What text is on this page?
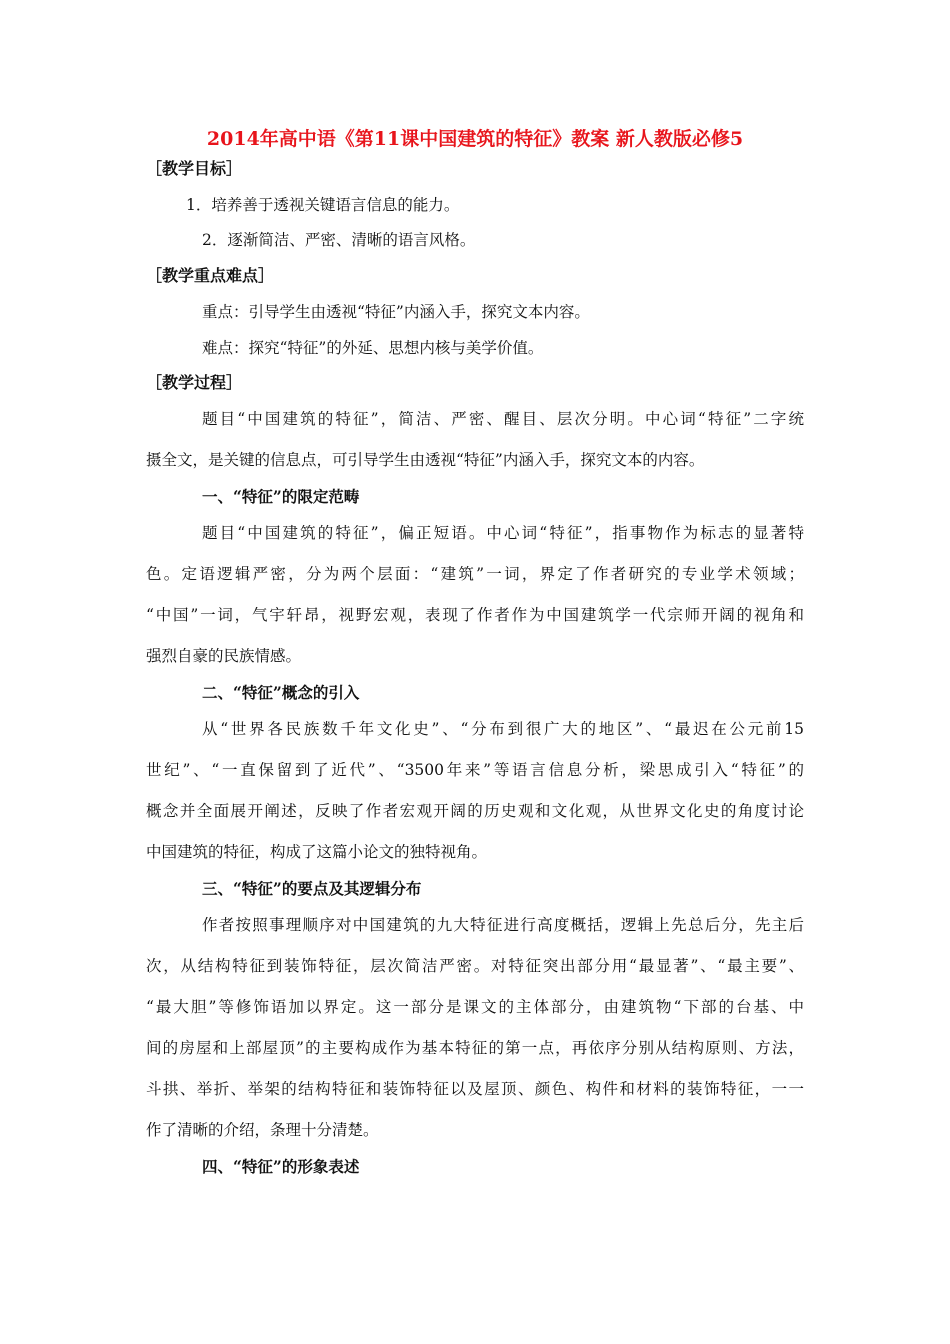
2014年高中语《第11课中国建筑的特征》教案 新人教版必修5
［教学目标］
1．培养善于透视关键语言信息的能力。
2．逐渐简洁、严密、清晰的语言风格。
［教学重点难点］
重点：引导学生由透视“特征”内涵入手，探究文本内容。
难点：探究“特征”的外延、思想内核与美学价值。
［教学过程］
题目“中国建筑的特征”，简洁、严密、醒目、层次分明。中心词“特征”二字统
摄全文，是关键的信息点，可引导学生由透视“特征”内涵入手，探究文本的内容。
一、“特征”的限定范畴
题目“中国建筑的特征”，偏正短语。中心词“特征”，指事物作为标志的显著特
色。定语逻辑严密，分为两个层面：“建筑”一词，界定了作者研究的专业学术领域；
“中国”一词，气宇轩昂，视野宏观，表现了作者作为中国建筑学一代宗师开阔的视角和
强烈自豪的民族情感。
二、“特征”概念的引入
从“世界各民族数千年文化史”、“分布到很广大的地区”、“最迟在公元前15
世纪”、“一直保留到了近代”、“3500年来”等语言信息分析，梁思成引入“特征”的
概念并全面展开阐述，反映了作者宏观开阔的历史观和文化观，从世界文化史的角度讨论
中国建筑的特征，构成了这篇小论文的独特视角。
三、“特征”的要点及其逻辑分布
作者按照事理顺序对中国建筑的九大特征进行高度概括，逻辑上先总后分，先主后
次，从结构特征到装饰特征，层次简洁严密。对特征突出部分用“最显著”、“最主要”、
“最大胆”等修饰语加以界定。这一部分是课文的主体部分，由建筑物“下部的台基、中
间的房屋和上部屋顶”的主要构成作为基本特征的第一点，再依序分别从结构原则、方法，
斗拱、举折、举架的结构特征和装饰特征以及屋顶、颜色、构件和材料的装饰特征，一一
作了清晰的介绍，条理十分清楚。
四、“特征”的形象表述
